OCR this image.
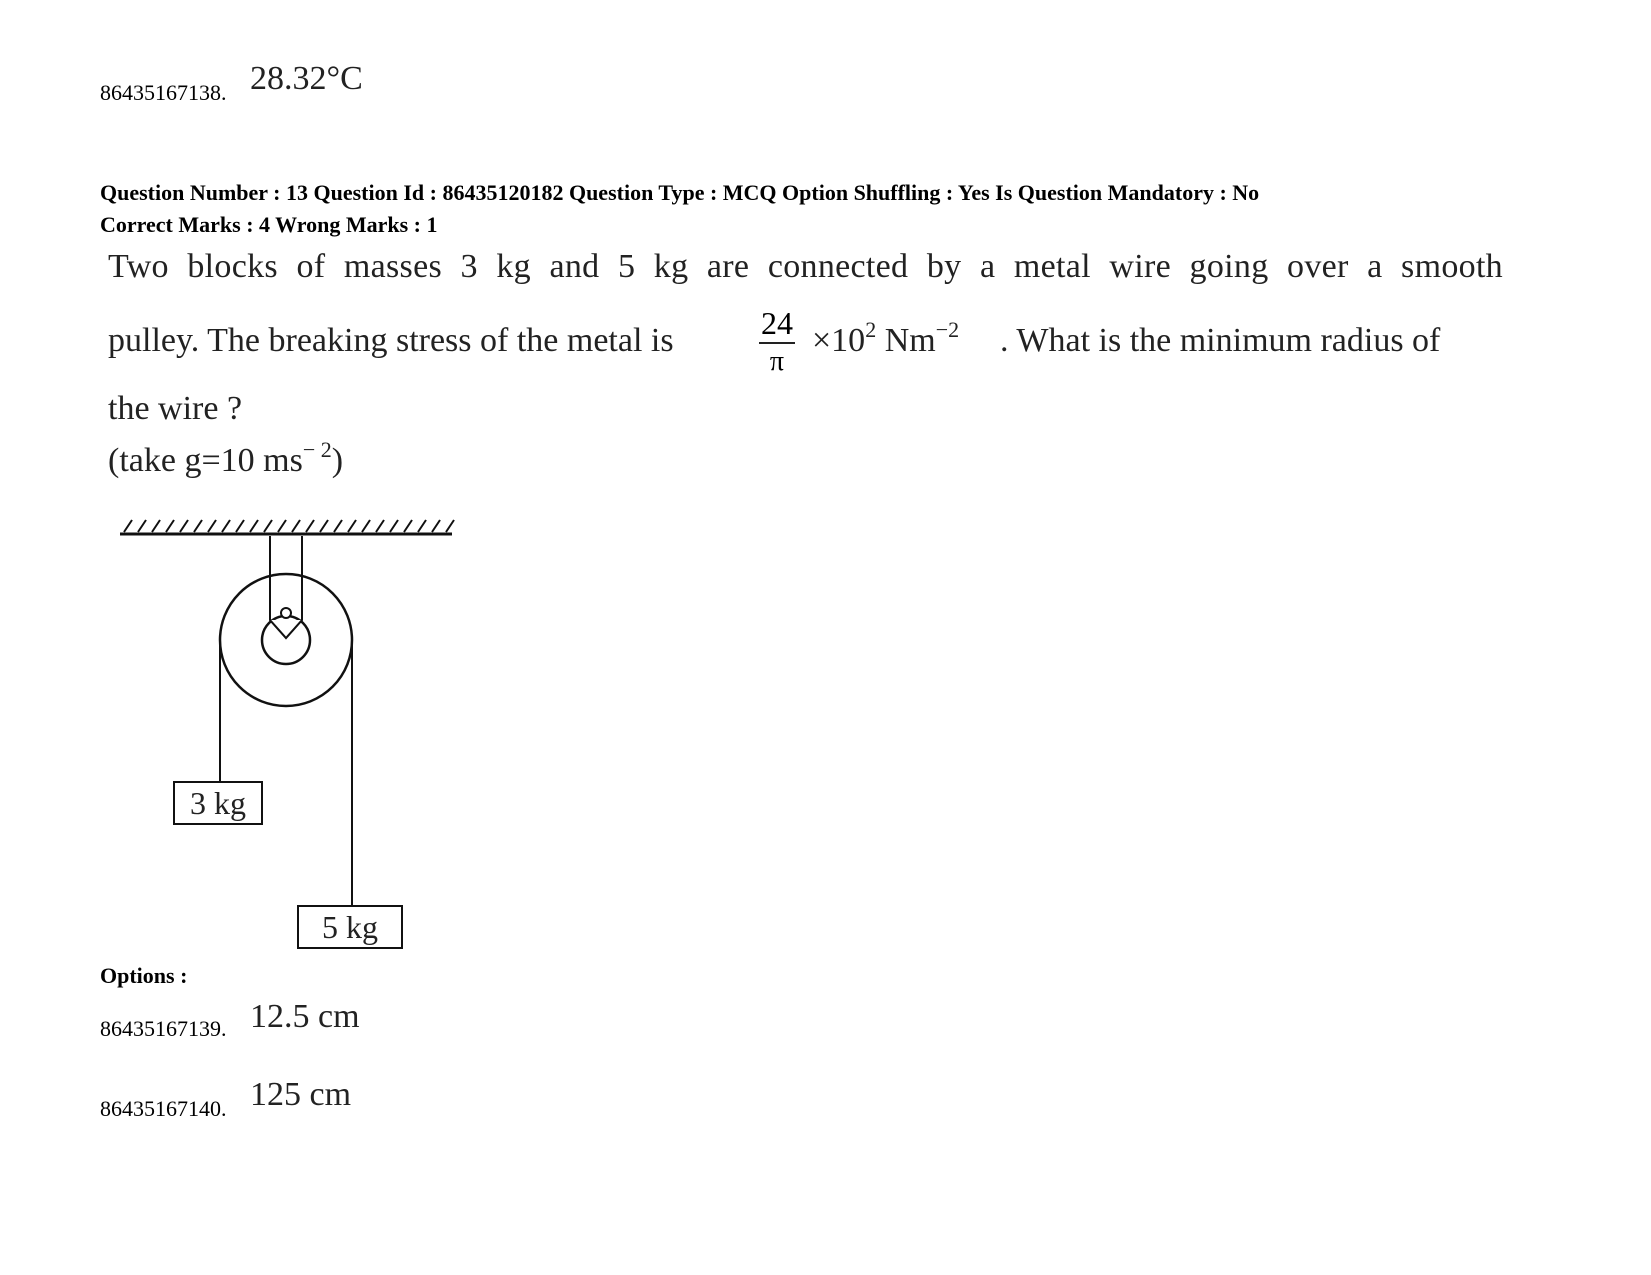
86435167138. 28.32°C
Question Number : 13 Question Id : 86435120182 Question Type : MCQ Option Shuffling : Yes Is Question Mandatory : No
Correct Marks : 4 Wrong Marks : 1
Two blocks of masses 3 kg and 5 kg are connected by a metal wire going over a smooth
pulley. The breaking stress of the metal is	24
π
$\times 10^2$ $Nm^{-2}$ . What is the minimum radius of
the wire ?
(take g=10 $ms^{- 2}$)
3 kg
5 kg
Options :
86435167139. 12.5 cm
86435167140. 125 cm
